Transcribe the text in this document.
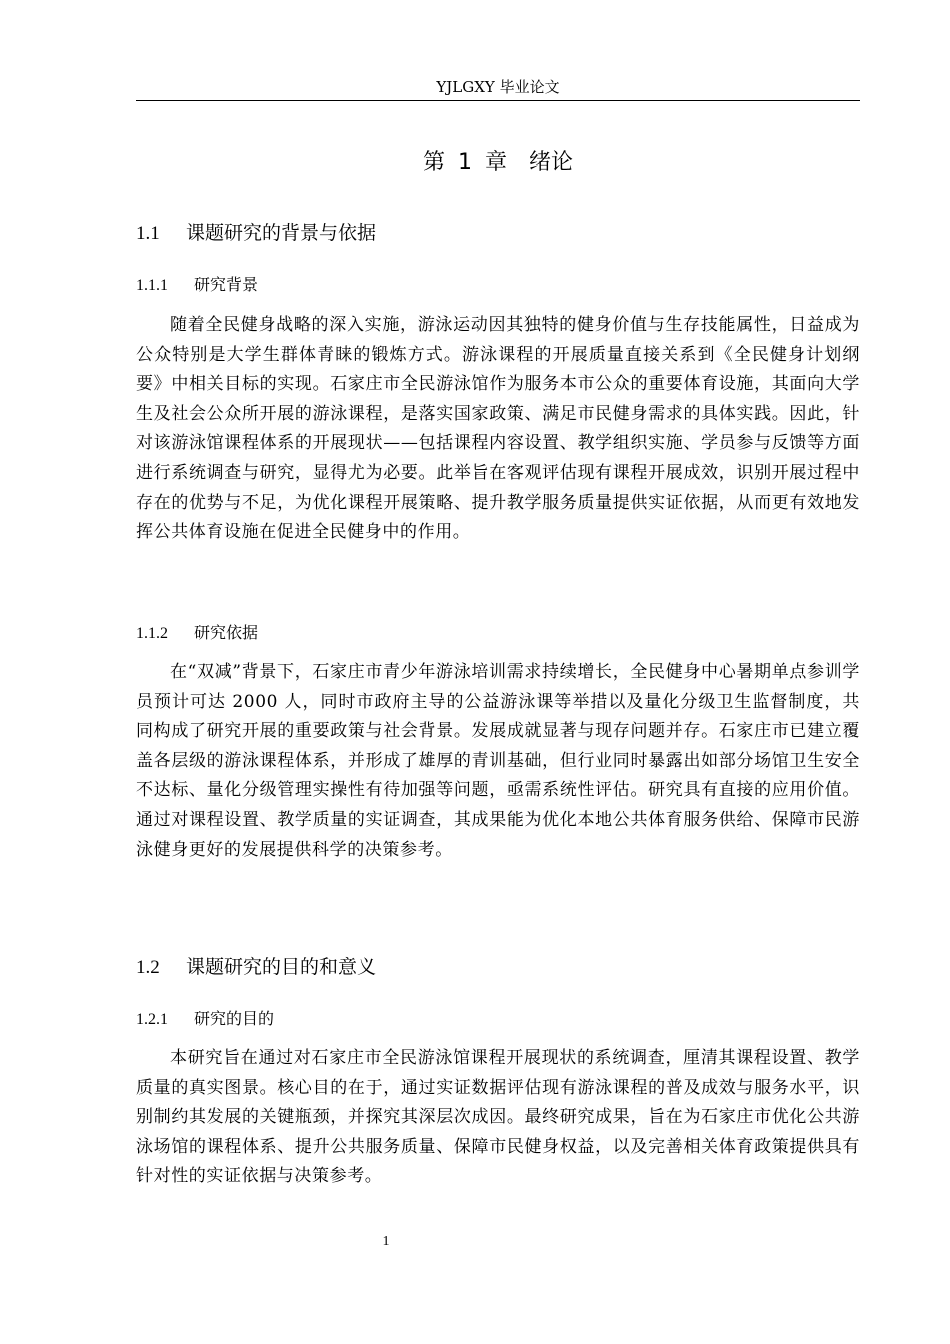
YJLGXY 毕业论文
第 1 章　绪论
1.1 课题研究的背景与依据
1.1.1 研究背景

随着全民健身战略的深入实施，游泳运动因其独特的健身价值与生存技能属性，日益成为公众特别是大学生群体青睐的锻炼方式。游泳课程的开展质量直接关系到《全民健身计划纲要》中相关目标的实现。石家庄市全民游泳馆作为服务本市公众的重要体育设施，其面向大学生及社会公众所开展的游泳课程，是落实国家政策、满足市民健身需求的具体实践。因此，针对该游泳馆课程体系的开展现状——包括课程内容设置、教学组织实施、学员参与反馈等方面进行系统调查与研究，显得尤为必要。此举旨在客观评估现有课程开展成效，识别开展过程中存在的优势与不足，为优化课程开展策略、提升教学服务质量提供实证依据，从而更有效地发挥公共体育设施在促进全民健身中的作用。

1.1.2 研究依据

在“双减”背景下，石家庄市青少年游泳培训需求持续增长，全民健身中心暑期单点参训学员预计可达 2000 人，同时市政府主导的公益游泳课等举措以及量化分级卫生监督制度，共同构成了研究开展的重要政策与社会背景。发展成就显著与现存问题并存。石家庄市已建立覆盖各层级的游泳课程体系，并形成了雄厚的青训基础，但行业同时暴露出如部分场馆卫生安全不达标、量化分级管理实操性有待加强等问题，亟需系统性评估。研究具有直接的应用价值。通过对课程设置、教学质量的实证调查，其成果能为优化本地公共体育服务供给、保障市民游泳健身更好的发展提供科学的决策参考。

1.2 课题研究的目的和意义
1.2.1 研究的目的

本研究旨在通过对石家庄市全民游泳馆课程开展现状的系统调查，厘清其课程设置、教学质量的真实图景。核心目的在于，通过实证数据评估现有游泳课程的普及成效与服务水平，识别制约其发展的关键瓶颈，并探究其深层次成因。最终研究成果，旨在为石家庄市优化公共游泳场馆的课程体系、提升公共服务质量、保障市民健身权益，以及完善相关体育政策提供具有针对性的实证依据与决策参考。

1
